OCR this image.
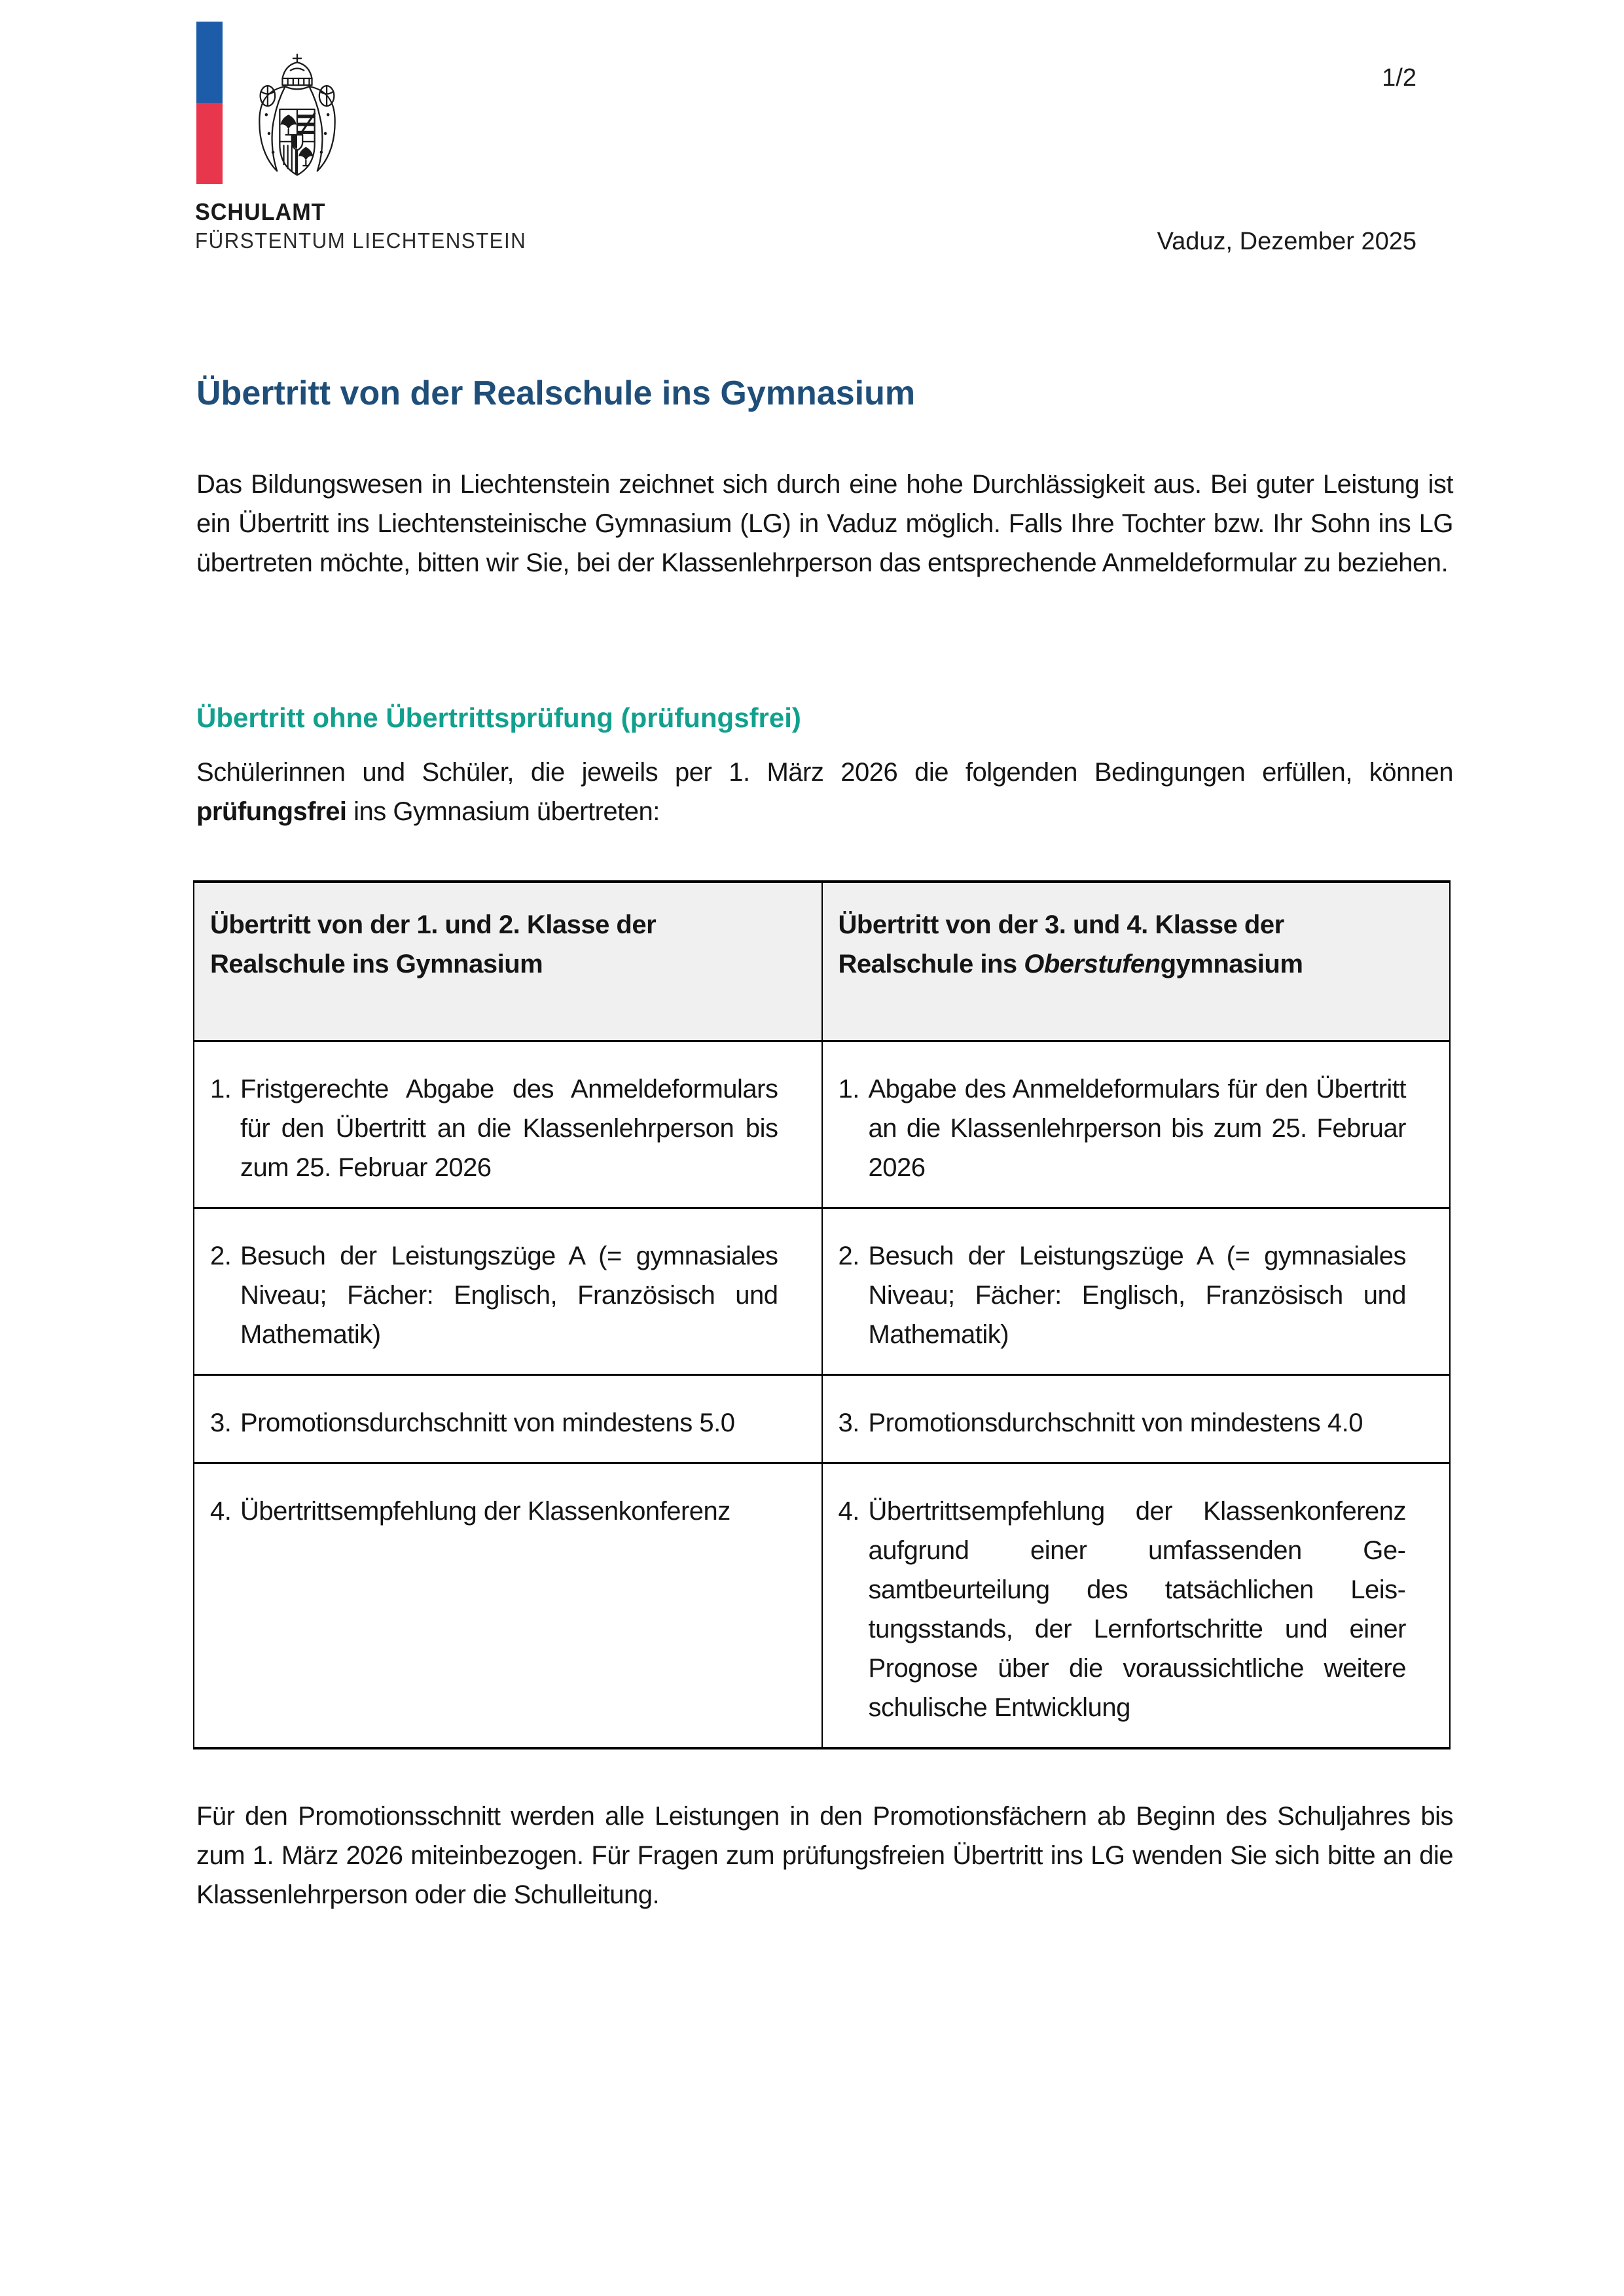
SCHULAMT
FÜRSTENTUM LIECHTENSTEIN
1/2
Vaduz, Dezember 2025
Übertritt von der Realschule ins Gymnasium
Das Bildungswesen in Liechtenstein zeichnet sich durch eine hohe Durchlässigkeit aus. Bei guter Leistung ist ein Übertritt ins Liechtensteinische Gymnasium (LG) in Vaduz möglich. Falls Ihre Tochter bzw. Ihr Sohn ins LG übertreten möchte, bitten wir Sie, bei der Klassenlehrperson das entsprechende Anmeldeformular zu beziehen.
Übertritt ohne Übertrittsprüfung (prüfungsfrei)
Schülerinnen und Schüler, die jeweils per 1. März 2026 die folgenden Bedingungen erfüllen, können prüfungsfrei ins Gymnasium übertreten:
Übertritt von der 1. und 2. Klasse der Realschule ins Gymnasium	Übertritt von der 3. und 4. Klasse der Realschule ins Oberstufengymnasium

1. Fristgerechte Abgabe des Anmeldeformulars für den Übertritt an die Klassenlehrperson bis zum 25. Februar 2026	1. Abgabe des Anmeldeformulars für den Übertritt an die Klassenlehrperson bis zum 25. Februar 2026

2. Besuch der Leistungszüge A (= gymnasiales Niveau; Fächer: Englisch, Französisch und Mathematik)	2. Besuch der Leistungszüge A (= gymnasiales Niveau; Fächer: Englisch, Französisch und Mathematik)

3. Promotionsdurchschnitt von mindestens 5.0	3. Promotionsdurchschnitt von mindestens 4.0

4. Übertrittsempfehlung der Klassenkonferenz	4. Übertrittsempfehlung der Klassenkonferenz aufgrund einer umfassenden Gesamtbeurteilung des tatsächlichen Leistungsstands, der Lernfortschritte und einer Prognose über die voraussichtliche weitere schulische Entwicklung
Für den Promotionsschnitt werden alle Leistungen in den Promotionsfächern ab Beginn des Schuljahres bis zum 1. März 2026 miteinbezogen. Für Fragen zum prüfungsfreien Übertritt ins LG wenden Sie sich bitte an die Klassenlehrperson oder die Schulleitung.
